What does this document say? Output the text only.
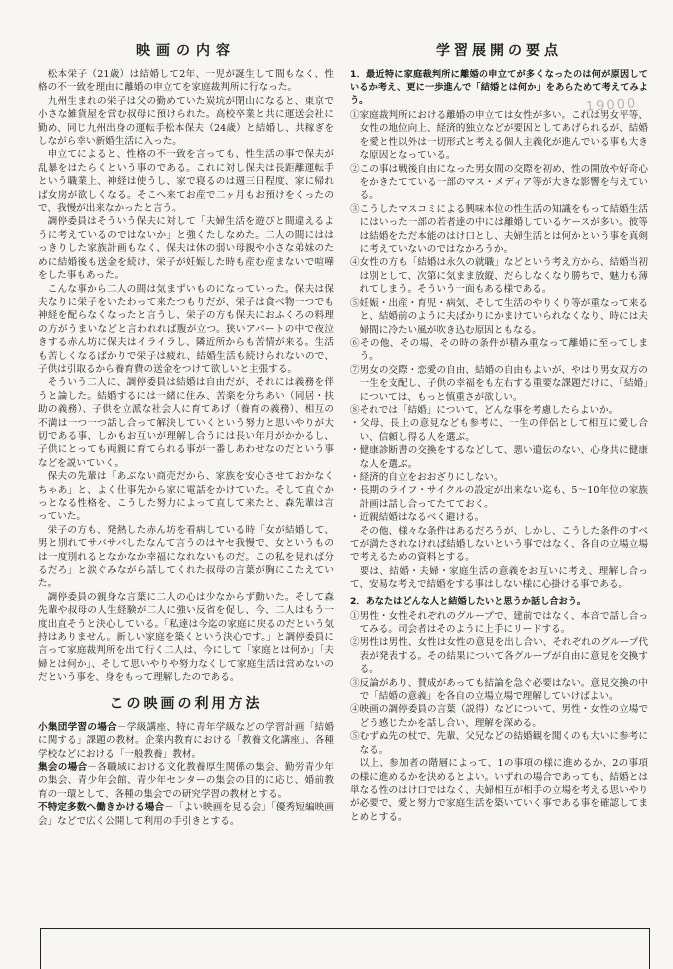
映画の内容

松本栄子（21歳）は結婚して2年、一児が誕生して間もなく、性格の不一致を理由に離婚の申立てを家庭裁判所に行なった。

九州生まれの栄子は父の勤めていた炭坑が閉山になると、東京で小さな雑貨屋を営む叔母に預けられた。高校卒業と共に運送会社に勤め、同じ九州出身の運転手松本保夫（24歳）と結婚し、共稼ぎをしながら幸い新婚生活に入った。

申立てによると、性格の不一致を言っても、性生活の事で保夫が乱暴をはたらくという事のである。これに対し保夫は長距離運転手という職業上、神経は使うし、家で寝るのは週三日程度、家に帰れば女房が欲しくなる。そこへ来てお産で二ヶ月もお預けをくったので、我慢が出来なかったと言う。

調停委員はそういう保夫に対して「夫婦生活を遊びと間違えるように考えているのではないか」と強くたしなめた。二人の間にははっきりした家族計画もなく、保夫は休の弱い母親や小さな弟妹のために結婚後も送金を続け、栄子が妊娠した時も産む産まないで喧嘩をした事もあった。

こんな事から二人の間は気まずいものになっていった。保夫は保夫なりに栄子をいたわって来たつもりだが、栄子は食べ物一つでも神経を配らなくなったと言うし、栄子の方も保夫におふくろの料理の方がうまいなどと言われれば腹が立つ。狭いアパートの中で夜泣きする赤ん坊に保夫はイライラし、隣近所からも苦情が来る。生活も苦しくなるばかりで栄子は疲れ、結婚生活も続けられないので、子供は引取るから養育費の送金をつけて欲しいと主張する。

そういう二人に、調停委員は結婚は自由だが、それには義務を伴うと論した。結婚するには一緒に住み、苦楽を分ちあい（同居・扶助の義務）、子供を立派な社会人に育てあげ（養育の義務）、相互の不満は一つ一つ話し合って解決していくという努力と思いやりが大切である事、しかもお互いが理解し合うには長い年月がかかるし、子供にとっても両親に育てられる事が一番しあわせなのだという事などを説いていく。

保夫の先輩は「あぶない商売だから、家族を安心させておかなくちゃあ」と、よく仕事先から家に電話をかけていた。そして直ぐかっとなる性格を、こうした努力によって直して来たと、森先輩は言っていた。

栄子の方も、発熱した赤ん坊を看病している時「女が結婚して、男と別れてサバサバしたなんて言うのはヤセ我慢で、女というものは一度別れるとなかなか幸福になれないものだ。この私を見れば分るだろ」と涙ぐみながら話してくれた叔母の言葉が胸にこたえていた。

調停委員の親身な言葉に二人の心は少なからず動いた。そして森先輩や叔母の人生経験が二人に強い反省を促し、今、二人はもう一度出直そうと決心している。「私達は今迄の家庭に戻るのだという気持はありません。新しい家庭を築くという決心です。」と調停委員に言って家庭裁判所を出て行く二人は、今にして「家庭とは何か」「夫婦とは何か」、そして思いやりや努力なくして家庭生活は営めないのだという事を、身をもって理解したのである。

この映画の利用方法

小集団学習の場合－学級講座、特に青年学級などの学習計画「結婚に関する」課題の教材。企業内教育における「教養文化講座」、各種学校などにおける「一般教養」教材。

集会の場合－各職域における文化教養厚生関係の集会、勤労青少年の集会、青少年会館、青少年センターの集会の目的に応じ、婚前教育の一環として、各種の集会での研究学習の教材とする。

不特定多数へ働きかける場合－「よい映画を見る会」「優秀短編映画会」などで広く公開して利用の手引きとする。

学習展開の要点

1．最近特に家庭裁判所に離婚の申立てが多くなったのは何が原因しているか考え、更に一歩進んで「結婚とは何か」をあらためて考えてみよう。

①家庭裁判所における離婚の申立ては女性が多い。これは男女平等、女性の地位向上、経済的独立などが要因としてあげられるが、結婚を愛と性以外は一切形式と考える個人主義化が進んでいる事も大きな原因となっている。

②この事は戦後自由になった男女間の交際を初め、性の開放や好奇心をかきたてている一部のマス・メディア等が大きな影響を与えている。

③こうしたマスコミによる興味本位の性生活の知識をもって結婚生活にはいった一部の若者達の中には離婚しているケースが多い。彼等は結婚をただ本能のはけ口とし、夫婦生活とは何かという事を真剣に考えていないのではなかろうか。

④女性の方も「結婚は永久の就職」などという考え方から、結婚当初は別として、次第に気まま放縦、だらしなくなり勝ちで、魅力も薄れてしまう。そういう一面もある様である。

⑤妊娠・出産・育児・病気、そして生活のやりくり等が重なって来ると、結婚前のように夫ばかりにかまけていられなくなり、時には夫婦間に冷たい風が吹き込む原因ともなる。

⑥その他、その場、その時の条件が積み重なって離婚に至ってしまう。

⑦男女の交際・恋愛の自由、結婚の自由もよいが、やはり男女双方の一生を支配し、子供の幸福をも左右する重要な課題だけに、「結婚」については、もっと慎重さが欲しい。

⑧それでは「結婚」について、どんな事を考慮したらよいか。

・父母、長上の意見なども参考に、一生の伴侶として相互に愛し合い、信頼し得る人を選ぶ。

・健康診断書の交換をするなどして、悪い遺伝のない、心身共に健康な人を選ぶ。

・経済的自立をおおざりにしない。

・長期のライフ・サイクルの設定が出来ない迄も、5～10年位の家族計画は話し合ってたてておく。

・近親結婚はなるべく避ける。

その他、様々な条件はあるだろうが、しかし、こうした条件のすべてが満たされなければ結婚しないという事ではなく、各自の立場立場で考えるための資料とする。

要は、結婚・夫婦・家庭生活の意義をお互いに考え、理解し合って、安易な考えで結婚をする事はしない様に心掛ける事である。

2．あなたはどんな人と結婚したいと思うか話し合おう。

①男性・女性それぞれのグループで、建前ではなく、本音で話し合ってみる。司会者はそのように上手にリードする。

②男性は男性、女性は女性の意見を出し合い、それぞれのグループ代表が発表する。その結果について各グループが自由に意見を交換する。

③反論があり、賛成があっても結論を急ぐ必要はない。意見交換の中で「結婚の意義」を各自の立場立場で理解していけばよい。

④映画の調停委員の言葉（説得）などについて、男性・女性の立場でどう感じたかを話し合い、理解を深める。

⑤むずぬ先の杖で、先輩、父兄などの結婚観を聞くのも大いに参考になる。

以上、参加者の階層によって、1の事項の様に進めるか、2の事項の様に進めるかを決めるとよい。いずれの場合であっても、結婚とは単なる性のはけ口ではなく、夫婦相互が相手の立場を考える思いやりが必要で、愛と努力で家庭生活を築いていく事である事を確認してまとめとする。

19000
